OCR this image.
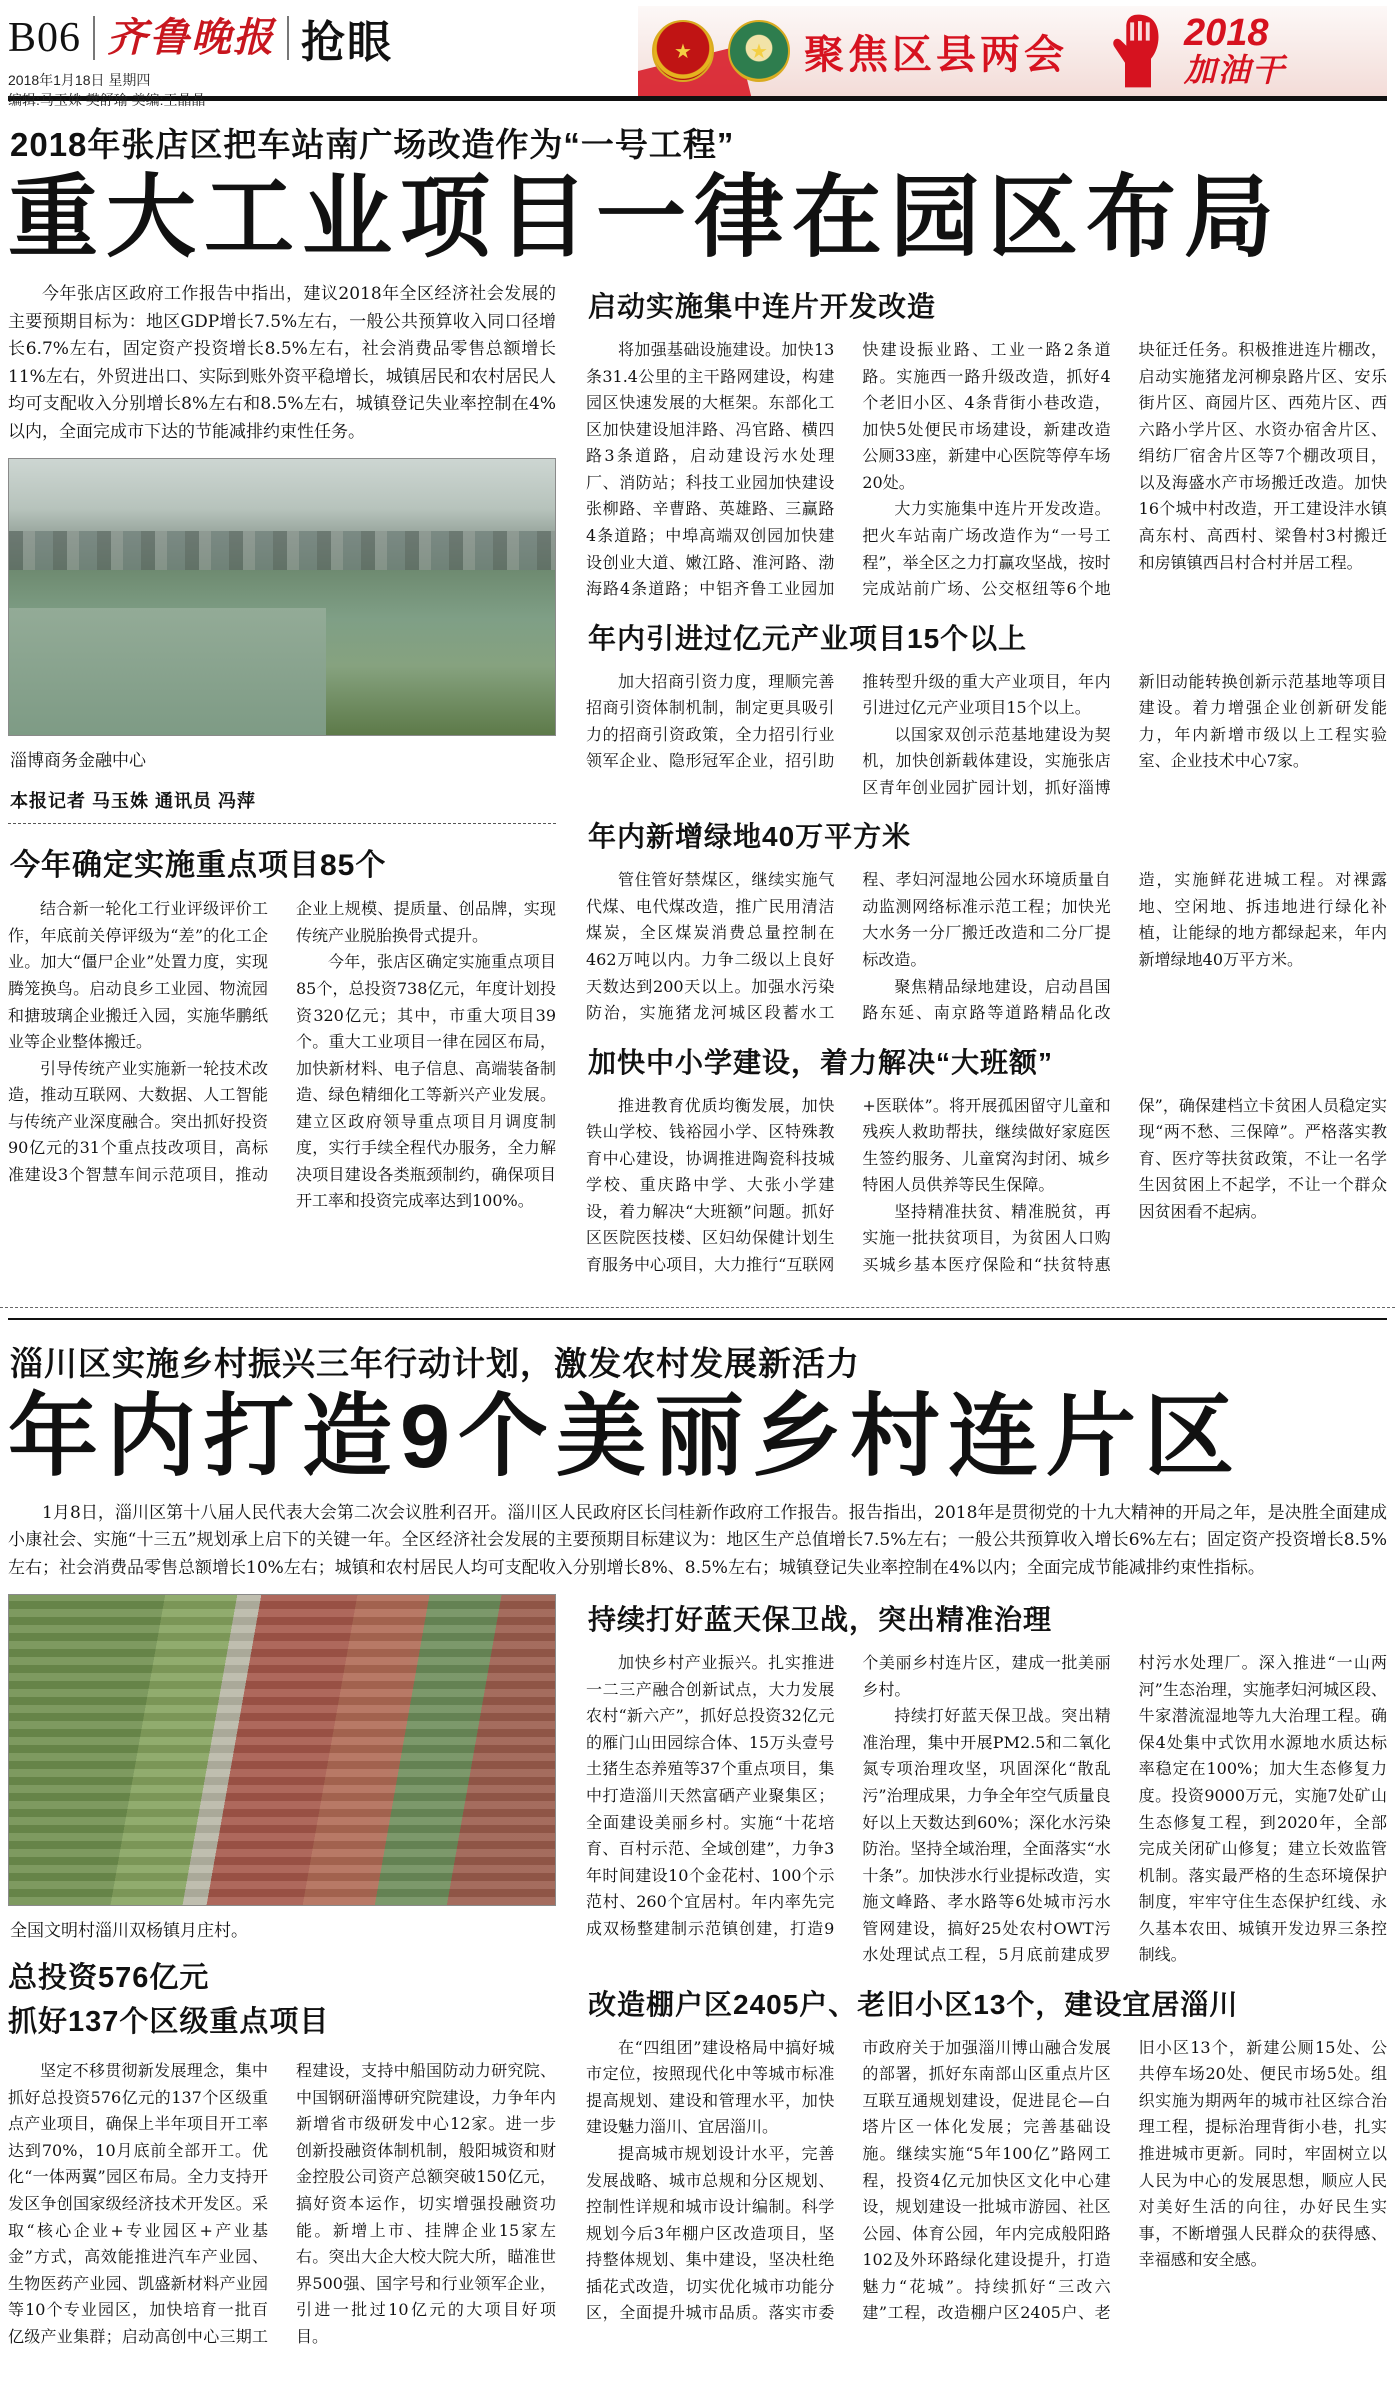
B06 齐鲁晚报 抢眼
2018年1月18日 星期四
编辑:马玉姝 樊舒瑜 美编:王晶晶
★	★ 聚焦区县两会	2018
加油干
2018年张店区把车站南广场改造作为“一号工程”
重大工业项目一律在园区布局

今年张店区政府工作报告中指出，建议2018年全区经济社会发展的主要预期目标为：地区GDP增长7.5%左右，一般公共预算收入同口径增长6.7%左右，固定资产投资增长8.5%左右，社会消费品零售总额增长11%左右，外贸进出口、实际到账外资平稳增长，城镇居民和农村居民人均可支配收入分别增长8%左右和8.5%左右，城镇登记失业率控制在4%以内，全面完成市下达的节能减排约束性任务。

淄博商务金融中心
本报记者 马玉姝 通讯员 冯萍
今年确定实施重点项目85个

结合新一轮化工行业评级评价工作，年底前关停评级为“差”的化工企业。加大“僵尸企业”处置力度，实现腾笼换鸟。启动良乡工业园、物流园和搪玻璃企业搬迁入园，实施华鹏纸业等企业整体搬迁。

引导传统产业实施新一轮技术改造，推动互联网、大数据、人工智能与传统产业深度融合。突出抓好投资90亿元的31个重点技改项目，高标准建设3个智慧车间示范项目，推动企业上规模、提质量、创品牌，实现传统产业脱胎换骨式提升。

今年，张店区确定实施重点项目85个，总投资738亿元，年度计划投资320亿元；其中，市重大项目39个。重大工业项目一律在园区布局，加快新材料、电子信息、高端装备制造、绿色精细化工等新兴产业发展。建立区政府领导重点项目月调度制度，实行手续全程代办服务，全力解决项目建设各类瓶颈制约，确保项目开工率和投资完成率达到100%。

启动实施集中连片开发改造

将加强基础设施建设。加快13条31.4公里的主干路网建设，构建园区快速发展的大框架。东部化工区加快建设旭沣路、冯官路、横四路3条道路，启动建设污水处理厂、消防站；科技工业园加快建设张柳路、辛曹路、英雄路、三赢路4条道路；中埠高端双创园加快建设创业大道、嫩江路、淮河路、渤海路4条道路；中铝齐鲁工业园加快建设振业路、工业一路2条道路。实施西一路升级改造，抓好4个老旧小区、4条背街小巷改造，加快5处便民市场建设，新建改造公厕33座，新建中心医院等停车场20处。

大力实施集中连片开发改造。把火车站南广场改造作为“一号工程”，举全区之力打赢攻坚战，按时完成站前广场、公交枢纽等6个地块征迁任务。积极推进连片棚改，启动实施猪龙河柳泉路片区、安乐街片区、商园片区、西苑片区、西六路小学片区、水资办宿舍片区、绢纺厂宿舍片区等7个棚改项目，以及海盛水产市场搬迁改造。加快16个城中村改造，开工建设沣水镇高东村、高西村、梁鲁村3村搬迁和房镇镇西吕村合村并居工程。

年内引进过亿元产业项目15个以上

加大招商引资力度，理顺完善招商引资体制机制，制定更具吸引力的招商引资政策，全力招引行业领军企业、隐形冠军企业，招引助推转型升级的重大产业项目，年内引进过亿元产业项目15个以上。

以国家双创示范基地建设为契机，加快创新载体建设，实施张店区青年创业园扩园计划，抓好淄博新旧动能转换创新示范基地等项目建设。着力增强企业创新研发能力，年内新增市级以上工程实验室、企业技术中心7家。

年内新增绿地40万平方米

管住管好禁煤区，继续实施气代煤、电代煤改造，推广民用清洁煤炭，全区煤炭消费总量控制在462万吨以内。力争二级以上良好天数达到200天以上。加强水污染防治，实施猪龙河城区段蓄水工程、孝妇河湿地公园水环境质量自动监测网络标准示范工程；加快光大水务一分厂搬迁改造和二分厂提标改造。

聚焦精品绿地建设，启动昌国路东延、南京路等道路精品化改造，实施鲜花进城工程。对裸露地、空闲地、拆违地进行绿化补植，让能绿的地方都绿起来，年内新增绿地40万平方米。

加快中小学建设，着力解决“大班额”

推进教育优质均衡发展，加快铁山学校、钱裕园小学、区特殊教育中心建设，协调推进陶瓷科技城学校、重庆路中学、大张小学建设，着力解决“大班额”问题。抓好区医院医技楼、区妇幼保健计划生育服务中心项目，大力推行“互联网+医联体”。将开展孤困留守儿童和残疾人救助帮扶，继续做好家庭医生签约服务、儿童窝沟封闭、城乡特困人员供养等民生保障。

坚持精准扶贫、精准脱贫，再实施一批扶贫项目，为贫困人口购买城乡基本医疗保险和“扶贫特惠保”，确保建档立卡贫困人员稳定实现“两不愁、三保障”。严格落实教育、医疗等扶贫政策，不让一名学生因贫困上不起学，不让一个群众因贫困看不起病。

淄川区实施乡村振兴三年行动计划，激发农村发展新活力
年内打造9个美丽乡村连片区

1月8日，淄川区第十八届人民代表大会第二次会议胜利召开。淄川区人民政府区长闫桂新作政府工作报告。报告指出，2018年是贯彻党的十九大精神的开局之年，是决胜全面建成小康社会、实施“十三五”规划承上启下的关键一年。全区经济社会发展的主要预期目标建议为：地区生产总值增长7.5%左右；一般公共预算收入增长6%左右；固定资产投资增长8.5%左右；社会消费品零售总额增长10%左右；城镇和农村居民人均可支配收入分别增长8%、8.5%左右；城镇登记失业率控制在4%以内；全面完成节能减排约束性指标。

全国文明村淄川双杨镇月庄村。
总投资576亿元
抓好137个区级重点项目

坚定不移贯彻新发展理念，集中抓好总投资576亿元的137个区级重点产业项目，确保上半年项目开工率达到70%，10月底前全部开工。优化“一体两翼”园区布局。全力支持开发区争创国家级经济技术开发区。采取“核心企业+专业园区+产业基金”方式，高效能推进汽车产业园、生物医药产业园、凯盛新材料产业园等10个专业园区，加快培育一批百亿级产业集群；启动高创中心三期工程建设，支持中船国防动力研究院、中国钢研淄博研究院建设，力争年内新增省市级研发中心12家。进一步创新投融资体制机制，般阳城资和财金控股公司资产总额突破150亿元，搞好资本运作，切实增强投融资功能。新增上市、挂牌企业15家左右。突出大企大校大院大所，瞄准世界500强、国字号和行业领军企业，引进一批过10亿元的大项目好项目。

持续打好蓝天保卫战，突出精准治理

加快乡村产业振兴。扎实推进一二三产融合创新试点，大力发展农村“新六产”，抓好总投资32亿元的雁门山田园综合体、15万头壹号土猪生态养殖等37个重点项目，集中打造淄川天然富硒产业聚集区；全面建设美丽乡村。实施“十花培育、百村示范、全域创建”，力争3年时间建设10个金花村、100个示范村、260个宜居村。年内率先完成双杨整建制示范镇创建，打造9个美丽乡村连片区，建成一批美丽乡村。

持续打好蓝天保卫战。突出精准治理，集中开展PM2.5和二氧化氮专项治理攻坚，巩固深化“散乱污”治理成果，力争全年空气质量良好以上天数达到60%；深化水污染防治。坚持全域治理，全面落实“水十条”。加快涉水行业提标改造，实施文峰路、孝水路等6处城市污水管网建设，搞好25处农村OWT污水处理试点工程，5月底前建成罗村污水处理厂。深入推进“一山两河”生态治理，实施孝妇河城区段、牛家潜流湿地等九大治理工程。确保4处集中式饮用水源地水质达标率稳定在100%；加大生态修复力度。投资9000万元，实施7处矿山生态修复工程，到2020年，全部完成关闭矿山修复；建立长效监管机制。落实最严格的生态环境保护制度，牢牢守住生态保护红线、永久基本农田、城镇开发边界三条控制线。

改造棚户区2405户、老旧小区13个，建设宜居淄川

在“四组团”建设格局中搞好城市定位，按照现代化中等城市标准提高规划、建设和管理水平，加快建设魅力淄川、宜居淄川。

提高城市规划设计水平，完善发展战略、城市总规和分区规划、控制性详规和城市设计编制。科学规划今后3年棚户区改造项目，坚持整体规划、集中建设，坚决杜绝插花式改造，切实优化城市功能分区，全面提升城市品质。落实市委市政府关于加强淄川博山融合发展的部署，抓好东南部山区重点片区互联互通规划建设，促进昆仑—白塔片区一体化发展；完善基础设施。继续实施“5年100亿”路网工程，投资4亿元加快区文化中心建设，规划建设一批城市游园、社区公园、体育公园，年内完成般阳路102及外环路绿化建设提升，打造魅力“花城”。持续抓好“三改六建”工程，改造棚户区2405户、老旧小区13个，新建公厕15处、公共停车场20处、便民市场5处。组织实施为期两年的城市社区综合治理工程，提标治理背街小巷，扎实推进城市更新。同时，牢固树立以人民为中心的发展思想，顺应人民对美好生活的向往，办好民生实事，不断增强人民群众的获得感、幸福感和安全感。
